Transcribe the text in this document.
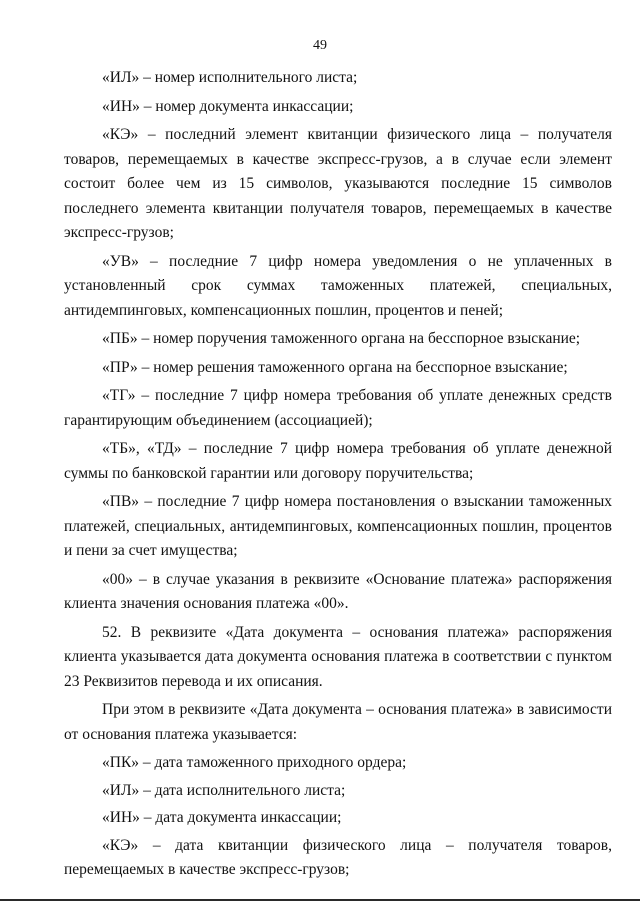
49

«ИЛ» – номер исполнительного листа;

«ИН» – номер документа инкассации;

«КЭ» – последний элемент квитанции физического лица – получателя товаров, перемещаемых в качестве экспресс-грузов, а в случае если элемент состоит более чем из 15 символов, указываются последние 15 символов последнего элемента квитанции получателя товаров, перемещаемых в качестве экспресс-грузов;

«УВ» – последние 7 цифр номера уведомления о не уплаченных в установленный срок суммах таможенных платежей, специальных, антидемпинговых, компенсационных пошлин, процентов и пеней;

«ПБ» – номер поручения таможенного органа на бесспорное взыскание;

«ПР» – номер решения таможенного органа на бесспорное взыскание;

«ТГ» – последние 7 цифр номера требования об уплате денежных средств гарантирующим объединением (ассоциацией);

«ТБ», «ТД» – последние 7 цифр номера требования об уплате денежной суммы по банковской гарантии или договору поручительства;

«ПВ» – последние 7 цифр номера постановления о взыскании таможенных платежей, специальных, антидемпинговых, компенсационных пошлин, процентов и пени за счет имущества;

«00» – в случае указания в реквизите «Основание платежа» распоряжения клиента значения основания платежа «00».

52. В реквизите «Дата документа – основания платежа» распоряжения клиента указывается дата документа основания платежа в соответствии с пунктом 23 Реквизитов перевода и их описания.

При этом в реквизите «Дата документа – основания платежа» в зависимости от основания платежа указывается:

«ПК» – дата таможенного приходного ордера;

«ИЛ» – дата исполнительного листа;

«ИН» – дата документа инкассации;

«КЭ» – дата квитанции физического лица – получателя товаров, перемещаемых в качестве экспресс-грузов;
